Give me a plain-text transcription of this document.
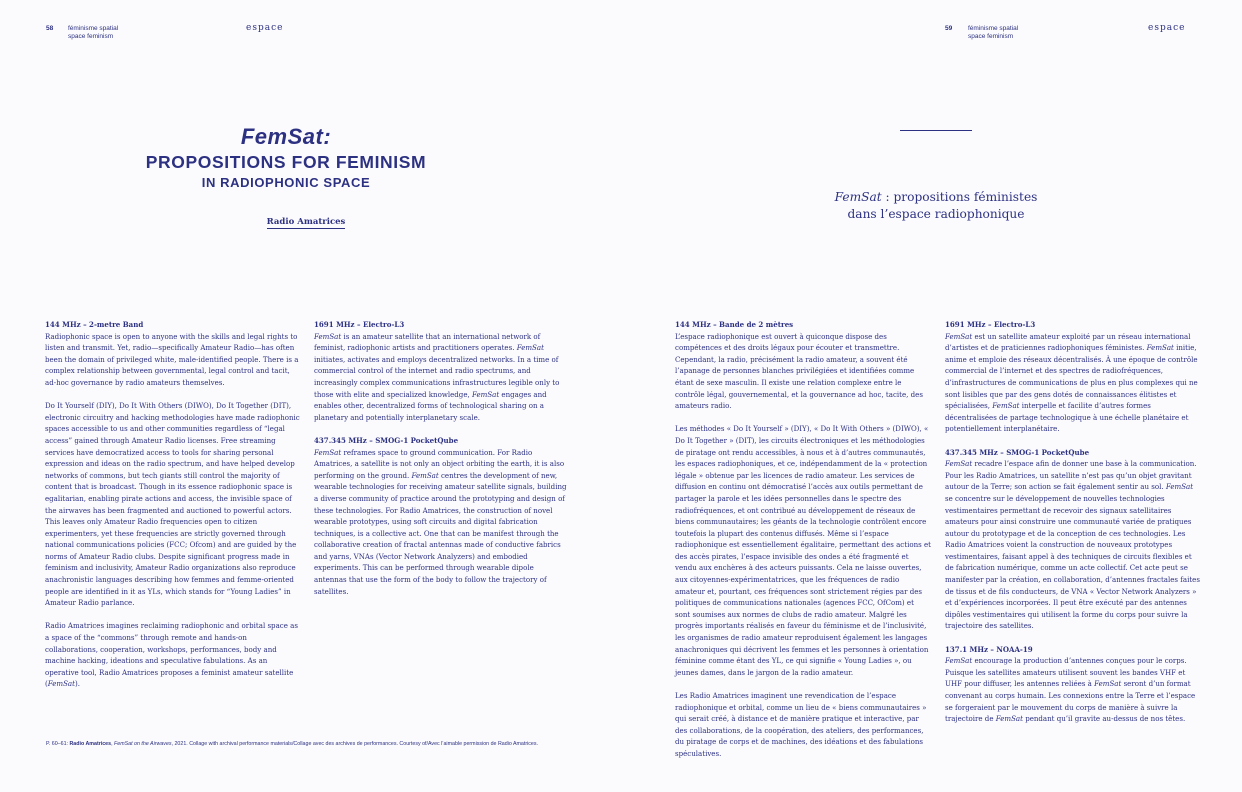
58 féminisme spatial
space feminism
espace
FemSat:
PROPOSITIONS FOR FEMINISM
IN RADIOPHONIC SPACE
Radio Amatrices
144 MHz – 2-metre Band

Radiophonic space is open to anyone with the skills and legal rights to listen and transmit. Yet, radio—specifically Amateur Radio—has often been the domain of privileged white, male-identified people. There is a complex relationship between governmental, legal control and tacit, ad-hoc governance by radio amateurs themselves.

Do It Yourself (DIY), Do It With Others (DIWO), Do It Together (DIT), electronic circuitry and hacking methodologies have made radiophonic spaces accessible to us and other communities regardless of “legal access” gained through Amateur Radio licenses. Free streaming services have democratized access to tools for sharing personal expression and ideas on the radio spectrum, and have helped develop networks of commons, but tech giants still control the majority of content that is broadcast. Though in its essence radiophonic space is egalitarian, enabling pirate actions and access, the invisible space of the airwaves has been fragmented and auctioned to powerful actors. This leaves only Amateur Radio frequencies open to citizen experimenters, yet these frequencies are strictly governed through national communications policies (FCC; Ofcom) and are guided by the norms of Amateur Radio clubs. Despite significant progress made in feminism and inclusivity, Amateur Radio organizations also reproduce anachronistic languages describing how femmes and femme-oriented people are identified in it as YLs, which stands for “Young Ladies” in Amateur Radio parlance.

Radio Amatrices imagines reclaiming radiophonic and orbital space as a space of the “commons” through remote and hands-on collaborations, cooperation, workshops, performances, body and machine hacking, ideations and speculative fabulations. As an operative tool, Radio Amatrices proposes a feminist amateur satellite (FemSat).

1691 MHz – Electro-L3

FemSat is an amateur satellite that an international network of feminist, radiophonic artists and practitioners operates. FemSat initiates, activates and employs decentralized networks. In a time of commercial control of the internet and radio spectrums, and increasingly complex communications infrastructures legible only to those with elite and specialized knowledge, FemSat engages and enables other, decentralized forms of technological sharing on a planetary and potentially interplanetary scale.

437.345 MHz – SMOG-1 PocketQube

FemSat reframes space to ground communication. For Radio Amatrices, a satellite is not only an object orbiting the earth, it is also performing on the ground. FemSat centres the development of new, wearable technologies for receiving amateur satellite signals, building a diverse community of practice around the prototyping and design of these technologies. For Radio Amatrices, the construction of novel wearable prototypes, using soft circuits and digital fabrication techniques, is a collective act. One that can be manifest through the collaborative creation of fractal antennas made of conductive fabrics and yarns, VNAs (Vector Network Analyzers) and embodied experiments. This can be performed through wearable dipole antennas that use the form of the body to follow the trajectory of satellites.

P. 60–61: Radio Amatrices, FemSat on the Airwaves, 2021. Collage with archival performance materials/Collage avec des archives de performances. Courtesy of/Avec l’aimable permission de Radio Amatrices.
59 féminisme spatial
space feminism
espace
FemSat : propositions féministes
dans l’espace radiophonique
144 MHz – Bande de 2 mètres

L’espace radiophonique est ouvert à quiconque dispose des compétences et des droits légaux pour écouter et transmettre. Cependant, la radio, précisément la radio amateur, a souvent été l’apanage de personnes blanches privilégiées et identifiées comme étant de sexe masculin. Il existe une relation complexe entre le contrôle légal, gouvernemental, et la gouvernance ad hoc, tacite, des amateurs radio.

Les méthodes « Do It Yourself » (DIY), « Do It With Others » (DIWO), « Do It Together » (DIT), les circuits électroniques et les méthodologies de piratage ont rendu accessibles, à nous et à d’autres communautés, les espaces radiophoniques, et ce, indépendamment de la « protection légale » obtenue par les licences de radio amateur. Les services de diffusion en continu ont démocratisé l’accès aux outils permettant de partager la parole et les idées personnelles dans le spectre des radiofréquences, et ont contribué au développement de réseaux de biens communautaires; les géants de la technologie contrôlent encore toutefois la plupart des contenus diffusés. Même si l’espace radiophonique est essentiellement égalitaire, permettant des actions et des accès pirates, l’espace invisible des ondes a été fragmenté et vendu aux enchères à des acteurs puissants. Cela ne laisse ouvertes, aux citoyennes-expérimentatrices, que les fréquences de radio amateur et, pourtant, ces fréquences sont strictement régies par des politiques de communications nationales (agences FCC, OfCom) et sont soumises aux normes de clubs de radio amateur. Malgré les progrès importants réalisés en faveur du féminisme et de l’inclusivité, les organismes de radio amateur reproduisent également les langages anachroniques qui décrivent les femmes et les personnes à orientation féminine comme étant des YL, ce qui signifie « Young Ladies », ou jeunes dames, dans le jargon de la radio amateur.

Les Radio Amatrices imaginent une revendication de l’espace radiophonique et orbital, comme un lieu de « biens communautaires » qui serait créé, à distance et de manière pratique et interactive, par des collaborations, de la coopération, des ateliers, des performances, du piratage de corps et de machines, des idéations et des fabulations spéculatives.

1691 MHz – Electro-L3

FemSat est un satellite amateur exploité par un réseau international d’artistes et de praticiennes radiophoniques féministes. FemSat initie, anime et emploie des réseaux décentralisés. À une époque de contrôle commercial de l’internet et des spectres de radiofréquences, d’infrastructures de communications de plus en plus complexes qui ne sont lisibles que par des gens dotés de connaissances élitistes et spécialisées, FemSat interpelle et facilite d’autres formes décentralisées de partage technologique à une échelle planétaire et potentiellement interplanétaire.

437.345 MHz – SMOG-1 PocketQube

FemSat recadre l’espace afin de donner une base à la communication. Pour les Radio Amatrices, un satellite n’est pas qu’un objet gravitant autour de la Terre; son action se fait également sentir au sol. FemSat se concentre sur le développement de nouvelles technologies vestimentaires permettant de recevoir des signaux satellitaires amateurs pour ainsi construire une communauté variée de pratiques autour du prototypage et de la conception de ces technologies. Les Radio Amatrices voient la construction de nouveaux prototypes vestimentaires, faisant appel à des techniques de circuits flexibles et de fabrication numérique, comme un acte collectif. Cet acte peut se manifester par la création, en collaboration, d’antennes fractales faites de tissus et de fils conducteurs, de VNA « Vector Network Analyzers » et d’expériences incorporées. Il peut être exécuté par des antennes dipôles vestimentaires qui utilisent la forme du corps pour suivre la trajectoire des satellites.

137.1 MHz – NOAA-19

FemSat encourage la production d’antennes conçues pour le corps. Puisque les satellites amateurs utilisent souvent les bandes VHF et UHF pour diffuser, les antennes reliées à FemSat seront d’un format convenant au corps humain. Les connexions entre la Terre et l’espace se forgeraient par le mouvement du corps de manière à suivre la trajectoire de FemSat pendant qu’il gravite au-dessus de nos têtes.
